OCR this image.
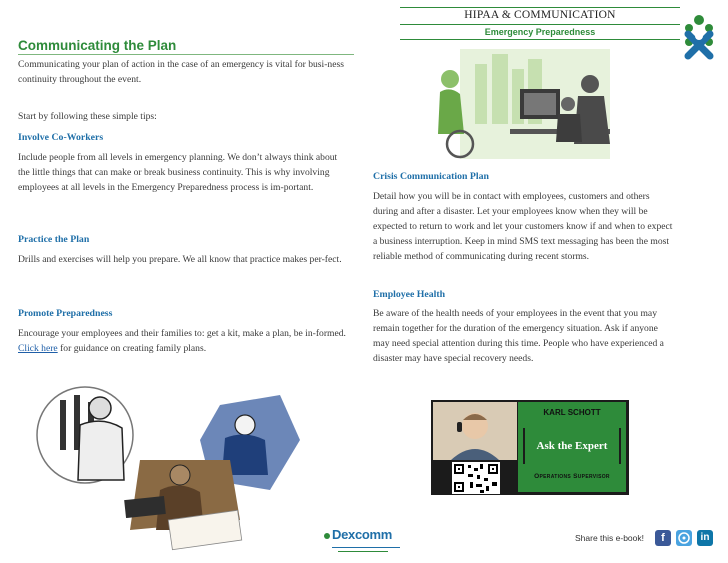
HIPAA & COMMUNICATION
Emergency Preparedness
Communicating the Plan
Communicating your plan of action in the case of an emergency is vital for busi-ness continuity throughout the event.
Start by following these simple tips:
Involve Co-Workers
Include people from all levels in emergency planning. We don’t always think about the little things that can make or break business continuity. This is why involving employees at all levels in the Emergency Preparedness process is im-portant.
Practice the Plan
Drills and exercises will help you prepare. We all know that practice makes per-fect.
Promote Preparedness
Encourage your employees and their families to: get a kit, make a plan, be in-formed. Click here for guidance on creating family plans.
Crisis Communication Plan
Detail how you will be in contact with employees, customers and others during and after a disaster. Let your employees know when they will be expected to return to work and let your customers know if and when to expect a business interruption. Keep in mind SMS text messaging has been the most reliable method of communicating during recent storms.
Employee Health
Be aware of the health needs of your employees in the event that you may remain together for the duration of the emergency situation. Ask if anyone may need special attention during this time. People who have experienced a disaster may have special recovery needs.
KARL SCHOTT
Ask the Expert
Operations Supervisor
Dexcomm	Share this e-book!	f	in
